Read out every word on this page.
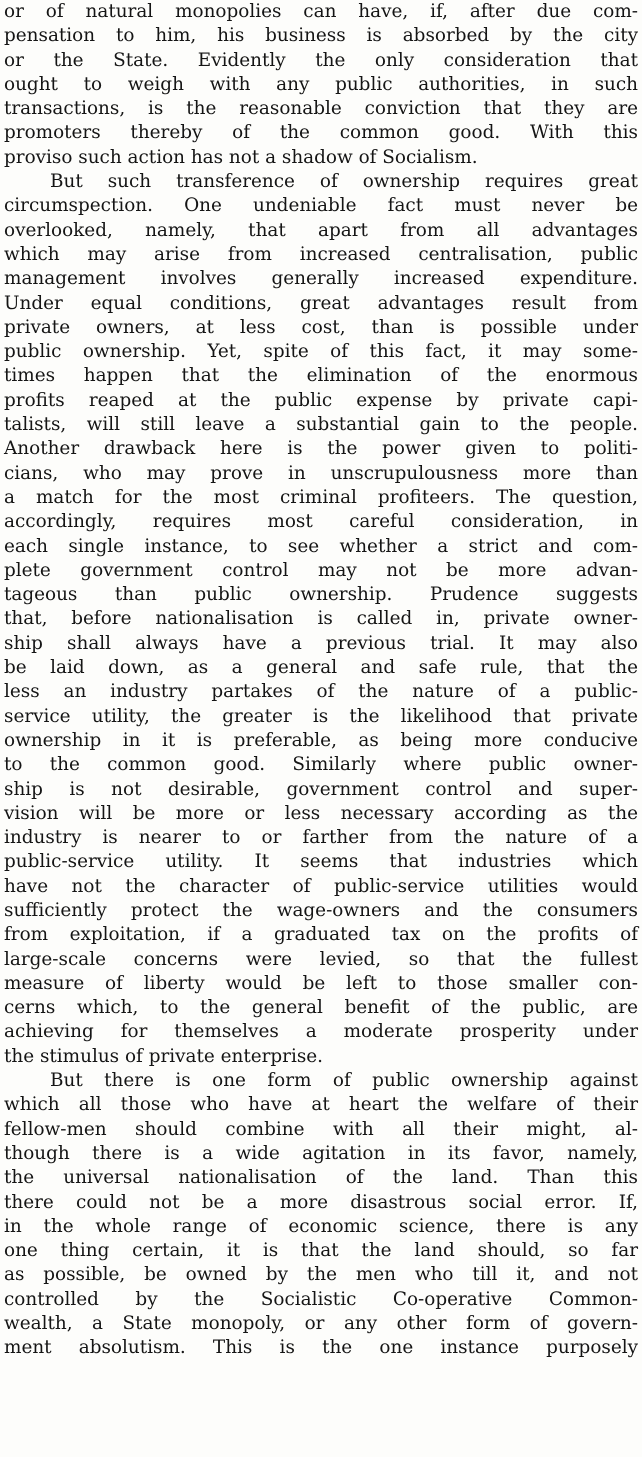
or of natural monopolies can have, if, after due com-
pensation to him, his business is absorbed by the city
or the State. Evidently the only consideration that
ought to weigh with any public authorities, in such
transactions, is the reasonable conviction that they are
promoters thereby of the common good. With this
proviso such action has not a shadow of Socialism.
But such transference of ownership requires great
circumspection. One undeniable fact must never be
overlooked, namely, that apart from all advantages
which may arise from increased centralisation, public
management involves generally increased expenditure.
Under equal conditions, great advantages result from
private owners, at less cost, than is possible under
public ownership. Yet, spite of this fact, it may some-
times happen that the elimination of the enormous
profits reaped at the public expense by private capi-
talists, will still leave a substantial gain to the people.
Another drawback here is the power given to politi-
cians, who may prove in unscrupulousness more than
a match for the most criminal profiteers. The question,
accordingly, requires most careful consideration, in
each single instance, to see whether a strict and com-
plete government control may not be more advan-
tageous than public ownership. Prudence suggests
that, before nationalisation is called in, private owner-
ship shall always have a previous trial. It may also
be laid down, as a general and safe rule, that the
less an industry partakes of the nature of a public-
service utility, the greater is the likelihood that private
ownership in it is preferable, as being more conducive
to the common good. Similarly where public owner-
ship is not desirable, government control and super-
vision will be more or less necessary according as the
industry is nearer to or farther from the nature of a
public-service utility. It seems that industries which
have not the character of public-service utilities would
sufficiently protect the wage-owners and the consumers
from exploitation, if a graduated tax on the profits of
large-scale concerns were levied, so that the fullest
measure of liberty would be left to those smaller con-
cerns which, to the general benefit of the public, are
achieving for themselves a moderate prosperity under
the stimulus of private enterprise.
But there is one form of public ownership against
which all those who have at heart the welfare of their
fellow-men should combine with all their might, al-
though there is a wide agitation in its favor, namely,
the universal nationalisation of the land. Than this
there could not be a more disastrous social error. If,
in the whole range of economic science, there is any
one thing certain, it is that the land should, so far
as possible, be owned by the men who till it, and not
controlled by the Socialistic Co-operative Common-
wealth, a State monopoly, or any other form of govern-
ment absolutism. This is the one instance purposely
